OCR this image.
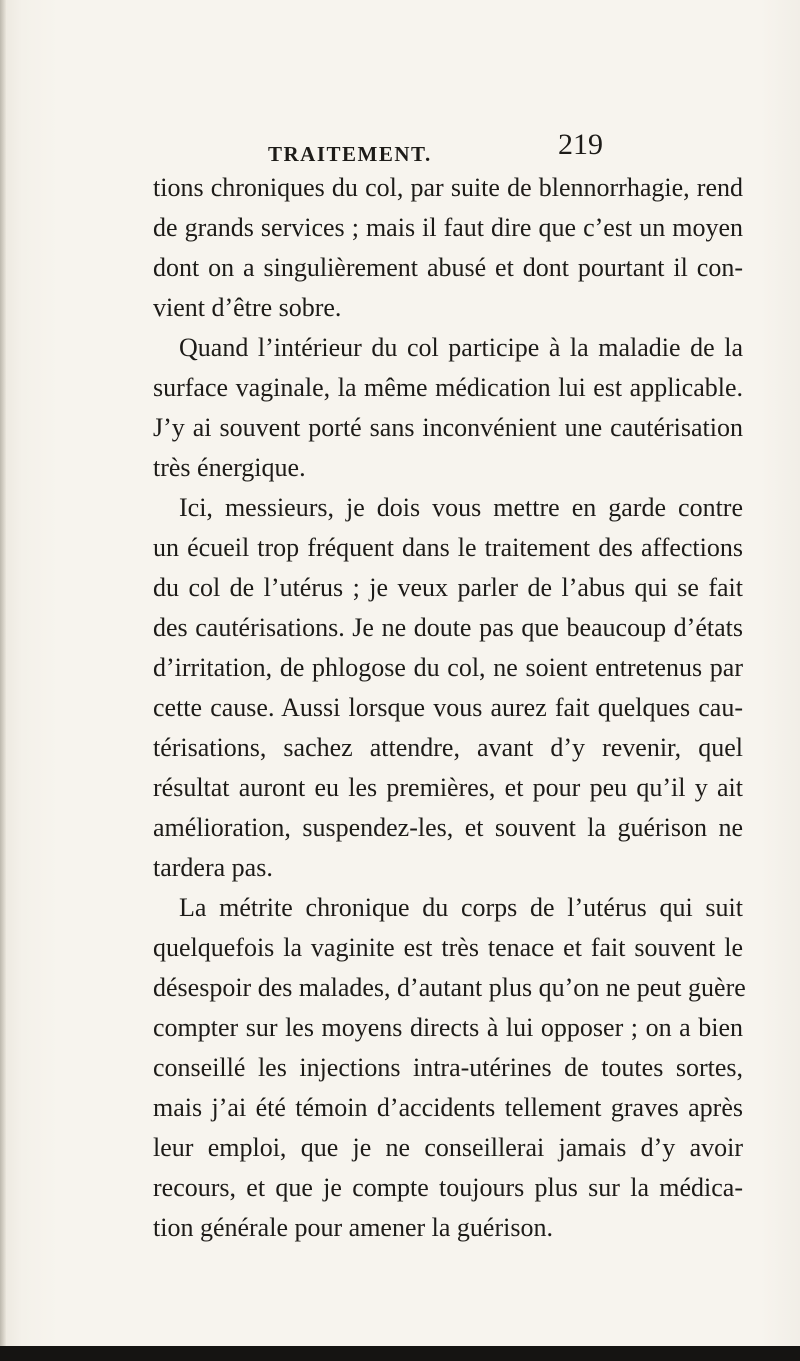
TRAITEMENT.	219
tions chroniques du col, par suite de blennorrhagie, rend
de grands services ; mais il faut dire que c’est un moyen
dont on a singulièrement abusé et dont pourtant il con-
vient d’être sobre.
Quand l’intérieur du col participe à la maladie de la
surface vaginale, la même médication lui est applicable.
J’y ai souvent porté sans inconvénient une cautérisation
très énergique.
Ici, messieurs, je dois vous mettre en garde contre
un écueil trop fréquent dans le traitement des affections
du col de l’utérus ; je veux parler de l’abus qui se fait
des cautérisations. Je ne doute pas que beaucoup d’états
d’irritation, de phlogose du col, ne soient entretenus par
cette cause. Aussi lorsque vous aurez fait quelques cau-
térisations, sachez attendre, avant d’y revenir, quel
résultat auront eu les premières, et pour peu qu’il y ait
amélioration, suspendez-les, et souvent la guérison ne
tardera pas.
La métrite chronique du corps de l’utérus qui suit
quelquefois la vaginite est très tenace et fait souvent le
désespoir des malades, d’autant plus qu’on ne peut guère
compter sur les moyens directs à lui opposer ; on a bien
conseillé les injections intra-utérines de toutes sortes,
mais j’ai été témoin d’accidents tellement graves après
leur emploi, que je ne conseillerai jamais d’y avoir
recours, et que je compte toujours plus sur la médica-
tion générale pour amener la guérison.
